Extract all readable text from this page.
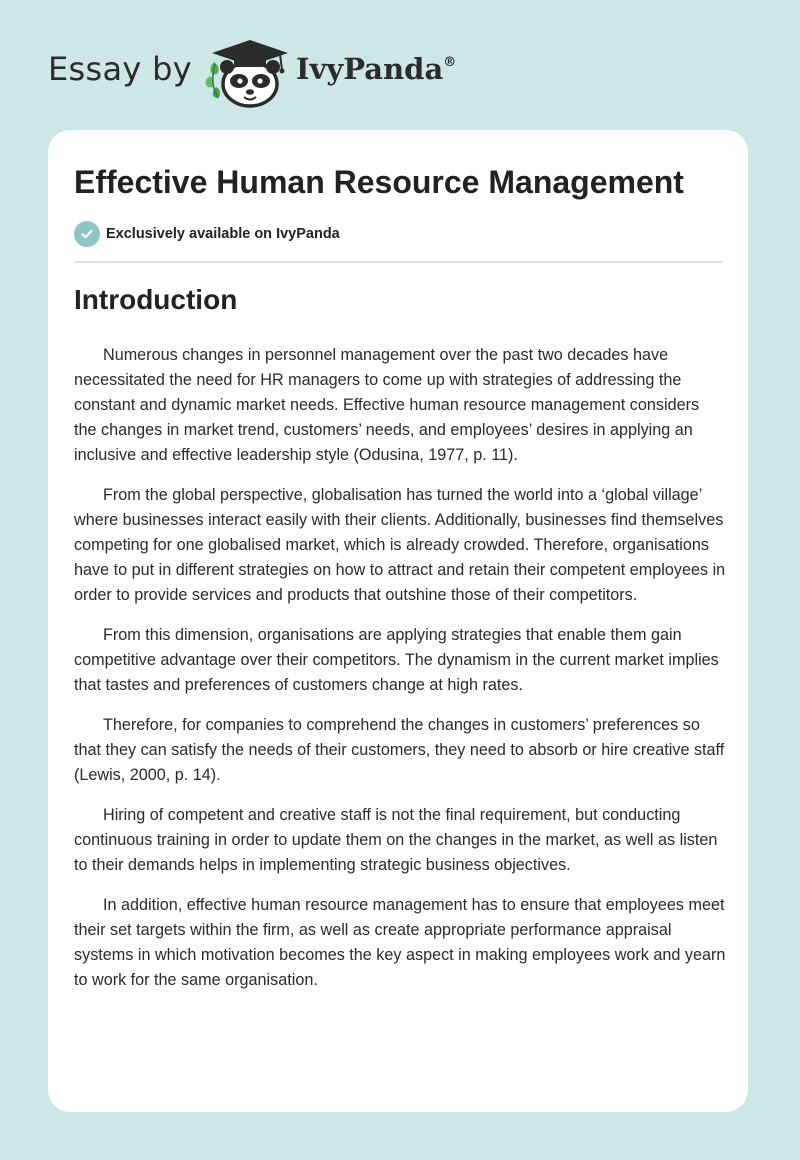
Essay by	IvyPanda®
Effective Human Resource Management
Exclusively available on IvyPanda
Introduction

Numerous changes in personnel management over the past two decades have necessitated the need for HR managers to come up with strategies of addressing the constant and dynamic market needs. Effective human resource management considers the changes in market trend, customers’ needs, and employees’ desires in applying an inclusive and effective leadership style (Odusina, 1977, p. 11).

From the global perspective, globalisation has turned the world into a ‘global village’ where businesses interact easily with their clients. Additionally, businesses find themselves competing for one globalised market, which is already crowded. Therefore, organisations have to put in different strategies on how to attract and retain their competent employees in order to provide services and products that outshine those of their competitors.

From this dimension, organisations are applying strategies that enable them gain competitive advantage over their competitors. The dynamism in the current market implies that tastes and preferences of customers change at high rates.

Therefore, for companies to comprehend the changes in customers’ preferences so that they can satisfy the needs of their customers, they need to absorb or hire creative staff (Lewis, 2000, p. 14).

Hiring of competent and creative staff is not the final requirement, but conducting continuous training in order to update them on the changes in the market, as well as listen to their demands helps in implementing strategic business objectives.

In addition, effective human resource management has to ensure that employees meet their set targets within the firm, as well as create appropriate performance appraisal systems in which motivation becomes the key aspect in making employees work and yearn to work for the same organisation.
